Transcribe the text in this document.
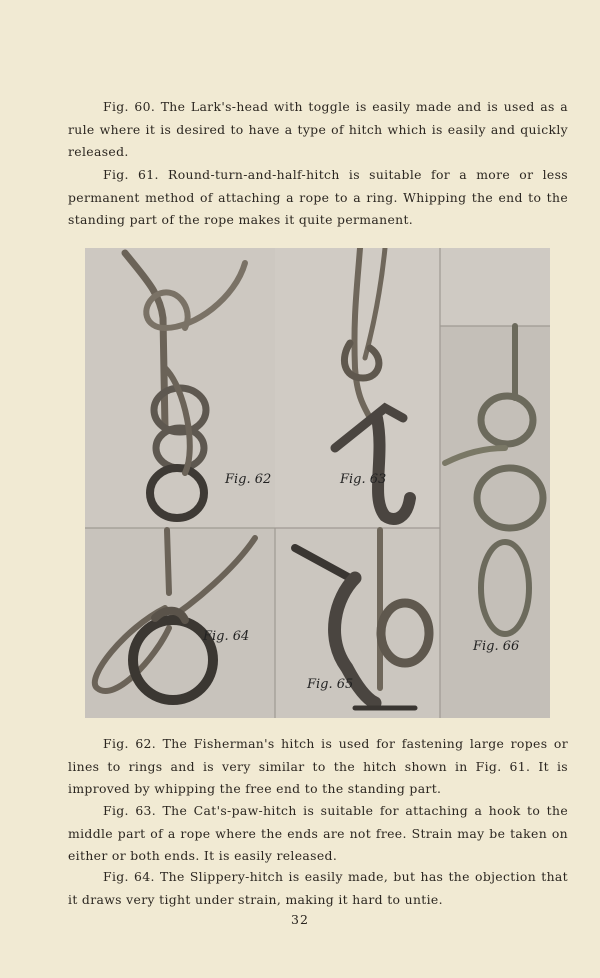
Fig. 60. The Lark's-head with toggle is easily made and is used as a rule where it is desired to have a type of hitch which is easily and quickly released.

Fig. 61. Round-turn-and-half-hitch is suitable for a more or less permanent method of attaching a rope to a ring. Whipping the end to the standing part of the rope makes it quite permanent.

Fig. 62	Fig. 63
Fig. 64
Fig. 65
Fig. 66

Fig. 62. The Fisherman's hitch is used for fastening large ropes or lines to rings and is very similar to the hitch shown in Fig. 61. It is improved by whipping the free end to the standing part.

Fig. 63. The Cat's-paw-hitch is suitable for attaching a hook to the middle part of a rope where the ends are not free. Strain may be taken on either or both ends. It is easily released.

Fig. 64. The Slippery-hitch is easily made, but has the objection that it draws very tight under strain, making it hard to untie.

32
